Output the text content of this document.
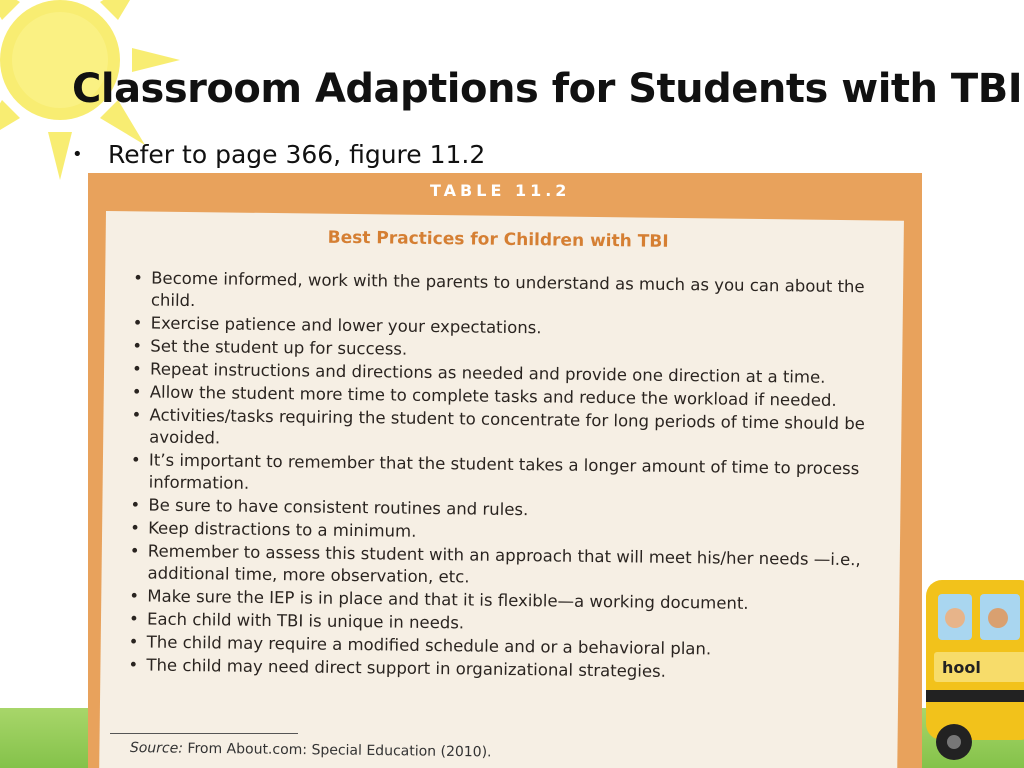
hool
Classroom Adaptions for Students with TBI
•	Refer to page 366, figure 11.2

TABLE 11.2

Best Practices for Children with TBI

• Become informed, work with the parents to understand as much as you can about the child.
• Exercise patience and lower your expectations.
• Set the student up for success.
• Repeat instructions and directions as needed and provide one direction at a time.
• Allow the student more time to complete tasks and reduce the workload if needed.
• Activities/tasks requiring the student to concentrate for long periods of time should be avoided.
• It’s important to remember that the student takes a longer amount of time to process information.
• Be sure to have consistent routines and rules.
• Keep distractions to a minimum.
• Remember to assess this student with an approach that will meet his/her needs —i.e., additional time, more observation, etc.
• Make sure the IEP is in place and that it is flexible—a working document.
• Each child with TBI is unique in needs.
• The child may require a modified schedule and or a behavioral plan.
• The child may need direct support in organizational strategies.

Source: From About.com: Special Education (2010).
